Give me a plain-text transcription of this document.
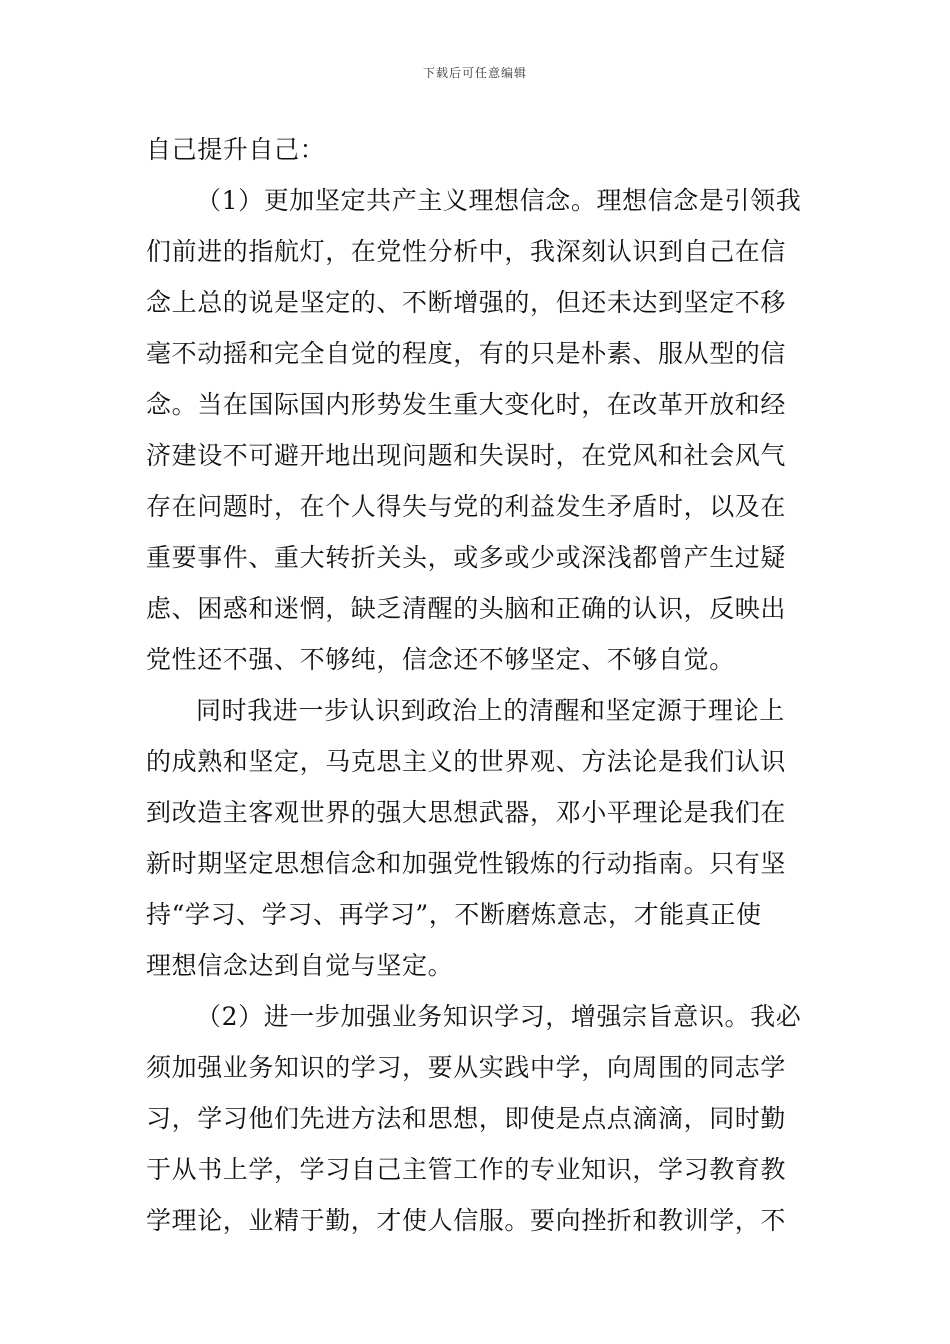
下载后可任意编辑
自己提升自己：
（1）更加坚定共产主义理想信念。理想信念是引领我
们前进的指航灯，在党性分析中，我深刻认识到自己在信
念上总的说是坚定的、不断增强的，但还未达到坚定不移
毫不动摇和完全自觉的程度，有的只是朴素、服从型的信
念。当在国际国内形势发生重大变化时，在改革开放和经
济建设不可避开地出现问题和失误时，在党风和社会风气
存在问题时，在个人得失与党的利益发生矛盾时，以及在
重要事件、重大转折关头，或多或少或深浅都曾产生过疑
虑、困惑和迷惘，缺乏清醒的头脑和正确的认识，反映出
党性还不强、不够纯，信念还不够坚定、不够自觉。
同时我进一步认识到政治上的清醒和坚定源于理论上
的成熟和坚定，马克思主义的世界观、方法论是我们认识
到改造主客观世界的强大思想武器，邓小平理论是我们在
新时期坚定思想信念和加强党性锻炼的行动指南。只有坚
持“学习、学习、再学习”，不断磨炼意志，才能真正使
理想信念达到自觉与坚定。
（2）进一步加强业务知识学习，增强宗旨意识。我必
须加强业务知识的学习，要从实践中学，向周围的同志学
习，学习他们先进方法和思想，即使是点点滴滴，同时勤
于从书上学，学习自己主管工作的专业知识，学习教育教
学理论，业精于勤，才使人信服。要向挫折和教训学，不
